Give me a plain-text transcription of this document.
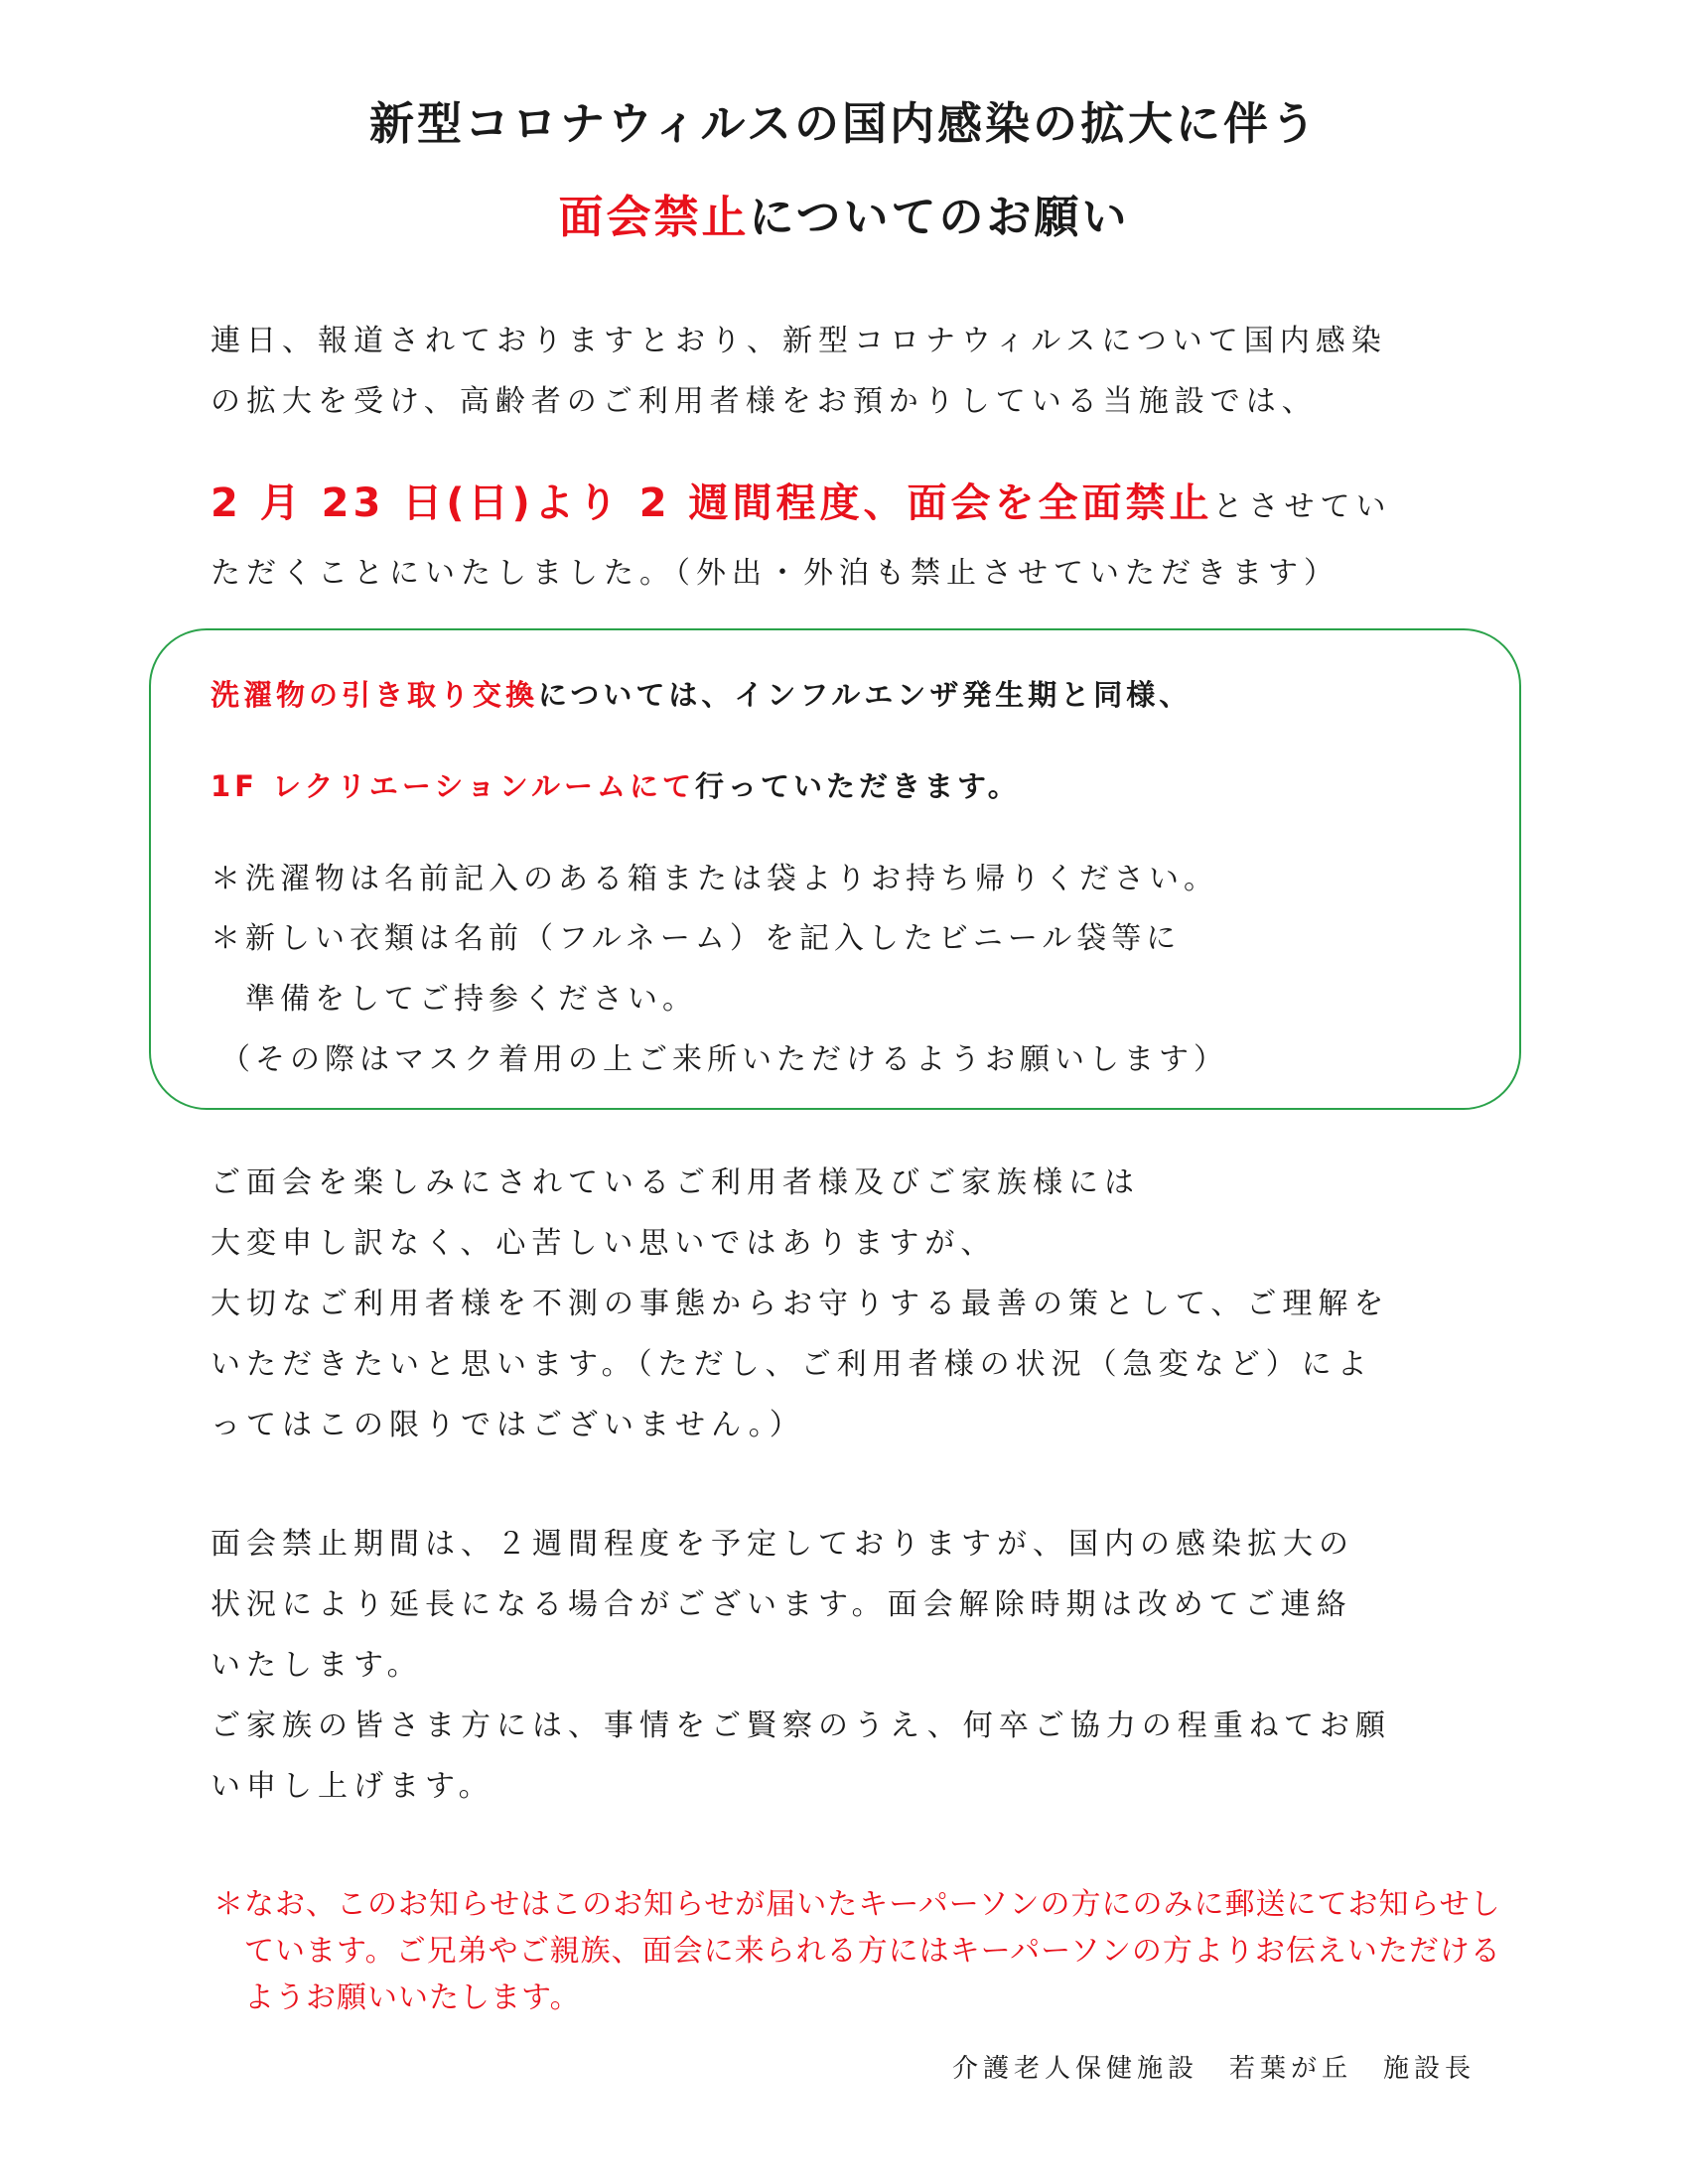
新型コロナウィルスの国内感染の拡大に伴う
面会禁止についてのお願い
連日、報道されておりますとおり、新型コロナウィルスについて国内感染
の拡大を受け、高齢者のご利用者様をお預かりしている当施設では、
2 月 23 日(日)より 2 週間程度、面会を全面禁止とさせてい
ただくことにいたしました。（外出・外泊も禁止させていただきます）
洗濯物の引き取り交換については、インフルエンザ発生期と同様、
1F レクリエーションルームにて行っていただきます。
＊洗濯物は名前記入のある箱または袋よりお持ち帰りください。
＊新しい衣類は名前（フルネーム）を記入したビニール袋等に
　準備をしてご持参ください。
（その際はマスク着用の上ご来所いただけるようお願いします）
ご面会を楽しみにされているご利用者様及びご家族様には
大変申し訳なく、心苦しい思いではありますが、
大切なご利用者様を不測の事態からお守りする最善の策として、ご理解を
いただきたいと思います。（ただし、ご利用者様の状況（急変など）によ
ってはこの限りではございません。）
面会禁止期間は、２週間程度を予定しておりますが、国内の感染拡大の
状況により延長になる場合がございます。面会解除時期は改めてご連絡
いたします。
ご家族の皆さま方には、事情をご賢察のうえ、何卒ご協力の程重ねてお願
い申し上げます。
＊なお、このお知らせはこのお知らせが届いたキーパーソンの方にのみに郵送にてお知らせし
　ています。ご兄弟やご親族、面会に来られる方にはキーパーソンの方よりお伝えいただける
　ようお願いいたします。
介護老人保健施設　若葉が丘　施設長
